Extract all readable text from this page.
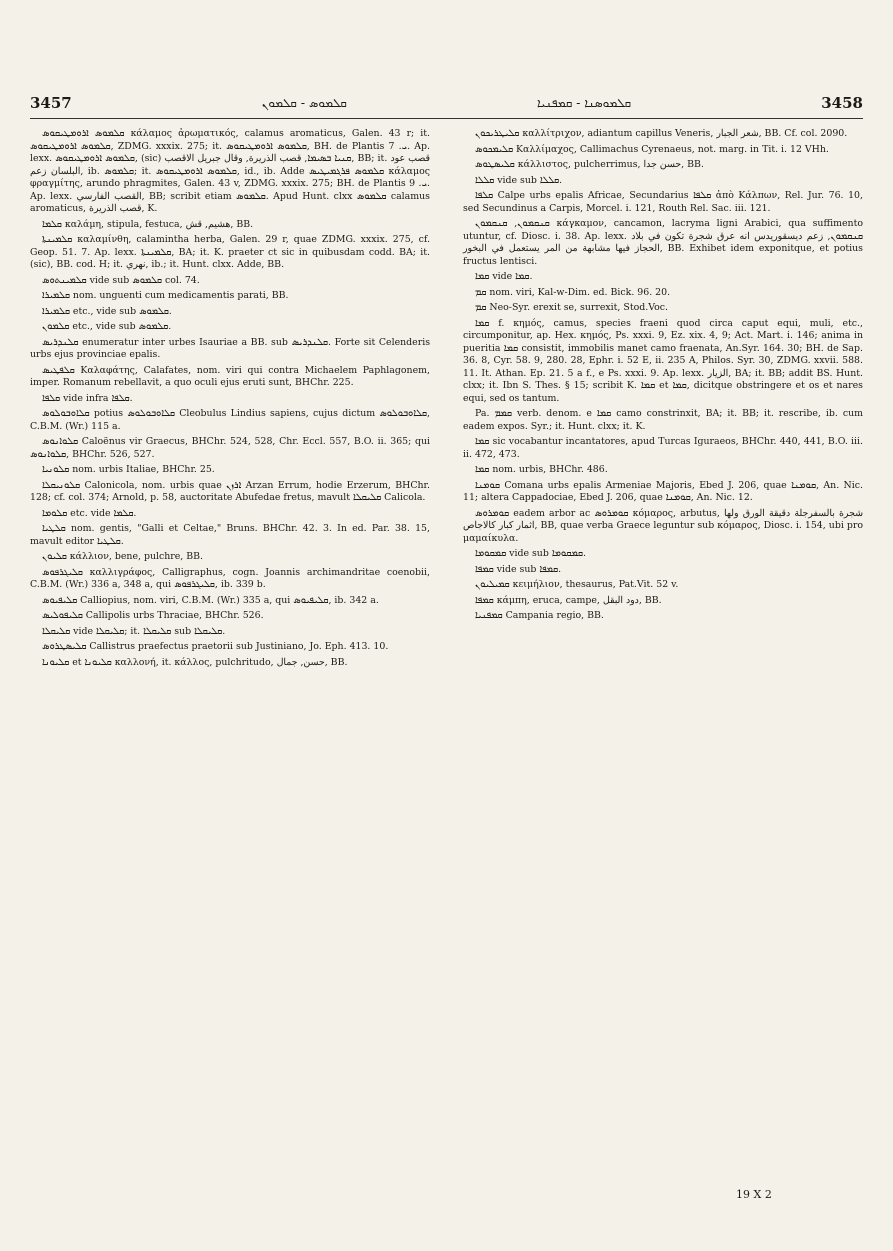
3457	ܩܠܡܘܣ - ܩܠܡܘܢ	ܩܠܡܘܣܢܐ - ܩܡܦܢܝܐ	3458

ܩܠܡܘܣ ܐܪܘܡܛܝܩܘܣ κάλαμος ἀρωματικός, calamus aromaticus, Galen. 43 r; it. ܩܠܡܘܣ ܐܪܘܡܛܝܩܘܣ, ZDMG. xxxix. 275; it. ܩܠܡܘܣ ܐܪܘܡܛܝܩܘܣ, BH. de Plantis ܝ. 7. Ap. lexx. ܩܠܡܘܣ ܐܪܘܡܛܝܩܘܣ, (sic) ܩܢܝܐ ܒܣܝܡܐ, قصب الذريرة, وقال جبريل الاقصب, BB; it. قصب عود البلسان زعم, ib. ܩܠܡܘܣ; it. ܩܠܡܘܣ ܐܪܘܡܛܝܩܘܣ, id., ib. Adde ܩܠܡܘܣ ܦܪܓܡܝܛܝܣ κάλαμος φραγμίτης, arundo phragmites, Galen. 43 v, ZDMG. xxxix. 275; BH. de Plantis ܝ. 9. Ap. lexx. القصب الفارسي, BB; scribit etiam ܩܠܡܘܣ. Apud Hunt. clxx ܩܠܡܘܣ calamus aromaticus, قصب الذريرة, K.

ܩܠܡܐ καλάμη, stipula, festuca, هشيم, قش, BB.

ܩܠܡܝܢܬܐ καλαμίνθη, calamintha herba, Galen. 29 r, quae ZDMG. xxxix. 275, cf. Geop. 51. 7. Ap. lexx. ܩܠܡܝܢܬܐ, BA; it. K. praeter ct sic in quibusdam codd. BA; it. (sic), BB. cod. H; it. نهري, ib.; it. Hunt. clxx. Adde, BB.

ܩܠܡܝܢܬܘܣ vide sub ܩܠܡܘܣ col. 74.

ܩܠܡܝܪܐ nom. unguenti cum medicamentis parati, BB.

ܩܠܡܝܪܐ etc., vide sub ܩܠܡܘܣ.

ܩܠܡܘܢ etc., vide sub ܩܠܡܘܣ.

ܩܠܢܕܪܝܣ enumeratur inter urbes Isauriae a BB. sub ܩܠܢܕܪܝܣ. Forte sit Celenderis urbs ejus provinciae epalis.

ܩܠܦܛܝܣ Καλαφάτης, Calafates, nom. viri qui contra Michaelem Paphlagonem, imper. Romanum rebellavit, a quo oculi ejus eruti sunt, BHChr. 225.

ܩܠܦܐ vide infra ܩܠܦܐ.

ܩܠܐܘܒܘܠܘܣ potius ܩܠܐܘܒܘܠܘܣ Cleobulus Lindius sapiens, cujus dictum ܩܠܐܘܒܘܠܘܣ, C.B.M. (Wr.) 115 a.

ܩܠܘܐܢܘܣ Caloënus vir Graecus, BHChr. 524, 528, Chr. Eccl. 557, B.O. ii. 365; qui ܩܠܘܐܢܘܣ, BHChr. 526, 527.

ܩܠܘܢܝܐ nom. urbis Italiae, BHChr. 25.

ܩܠܘܢܝܩܠܐ Calonicola, nom. urbis quae ܐܪܙܢ Arzan Errum, hodie Erzerum, BHChr. 128; cf. col. 374; Arnold, p. 58, auctoritate Abufedae fretus, mavult ܩܠܝܩܠܐ Calicola.

ܩܠܘܡܐ etc. vide ܩܠܡܐ.

ܩܠܛܝܐ nom. gentis, "Galli et Celtae," Bruns. BHChr. 42. 3. In ed. Par. 38. 15, mavult editor ܩܠܛܝܐ.

ܩܠܝܘܢ κάλλιον, bene, pulchre, BB.

ܩܠܝܓܪܦܘܣ καλλιγράφος, Calligraphus, cogn. Joannis archimandritae coenobii, C.B.M. (Wr.) 336 a, 348 a, qui ܩܠܝܓܪܦܘܣ, ib. 339 b.

ܩܠܝܦܝܘܣ Calliopius, nom. viri, C.B.M. (Wr.) 335 a, qui ܩܠܝܦܝܘܣ, ib. 342 a.

ܩܠܝܦܘܠܝܣ Callipolis urbs Thraciae, BHChr. 526.

ܩܠܝܩܠܐ vide ܩܠܝܩܠܐ; it. ܩܠܝܩܠܐ sub ܩܠܝܩܠܐ.

ܩܠܝܣܛܪܘܣ Callistrus praefectus praetorii sub Justiniano, Jo. Eph. 413. 10.

ܩܠܝܘܢܐ et ܩܠܝܘܢܐ καλλονή, it. κάλλος, pulchritudo, حسن, جمال, BB.

ܩܠܝܛܪܝܟܘܢ καλλίτριχον, adiantum capillus Veneris, شعر الجبار, BB. Cf. col. 2090.

ܩܠܝܡܟܘܣ Καλλίμαχος, Callimachus Cyrenaeus, not. marg. in Tit. i. 12 VHh.

ܩܠܝܣܛܘܣ κάλλιστος, pulcherrimus, حسن جدا, BB.

ܩܠܠܐ vide sub ܩܠܠܐ.

ܩܠܦܐ Calpe urbs epalis Africae, Secundarius ܩܠܦܐ ἀπὸ Κάλπων, Rel. Jur. 76. 10, sed Secundinus a Carpis, Morcel. i. 121, Routh Rel. Sac. iii. 121.

ܩܢܩܡܘܢ, ܩܢܩܡܘܢ κάγκαμον, cancamon, lacryma ligni Arabici, qua suffimento utuntur, cf. Diosc. i. 38. Ap. lexx. ܩܢܩܡܘܢ, زعم ديسقوريدس انه عرق شجرة تكون في بلاد الحجاز فيها مشابهة من المر يستعمل في البخور, BB. Exhibet idem exponitque, et potius fructus lentisci.

ܩܡܐ vide ܩܡܐ.

ܩܡ nom. viri, Kal-w-Dim. ed. Bick. 96. 20.

ܩܡ Neo-Syr. erexit se, surrexit, Stod.Voc.

ܩܡܐ f. κημός, camus, species fraeni quod circa caput equi, muli, etc., circumponitur, ap. Hex. κημός, Ps. xxxi. 9, Ez. xix. 4, 9; Act. Mart. i. 146; anima in pueritia ܩܡܐ consistit, immobilis manet camo fraenata, An.Syr. 164. 30; BH. de Sap. 36. 8, Cyr. 58. 9, 280. 28, Ephr. i. 52 E, ii. 235 A, Philos. Syr. 30, ZDMG. xxvii. 588. 11. It. Athan. Ep. 21. 5 a f., e Ps. xxxi. 9. Ap. lexx. الزيار, BA; it. BB; addit BS. Hunt. clxx; it. Ibn S. Thes. § 15; scribit K. ܩܡܐ et ܩܡܐ, dicitque obstringere et os et nares equi, sed os tantum.

Pa. ܩܡܡ verb. denom. e ܩܡܐ camo constrinxit, BA; it. BB; it. rescribe, ib. cum eadem expos. Syr.; it. Hunt. clxx; it. K.

ܩܡܐ sic vocabantur incantatores, apud Turcas Iguraeos, BHChr. 440, 441, B.O. iii. ii. 472, 473.

ܩܡܐ nom. urbis, BHChr. 486.

ܩܘܡܢܐ Comana urbs epalis Armeniae Majoris, Ebed J. 206, quae ܩܘܡܢܐ, An. Nic. 11; altera Cappadociae, Ebed J. 206, quae ܩܘܡܢܐ, An. Nic. 12.

ܩܘܡܪܘܣ eadem arbor ac ܩܘܡܪܘܣ κόμαρος, arbutus, شجرة بالسفرجلة دقيقة الورق ولها اثمار كبار كالاجاص, BB, quae verba Graece leguntur sub κόμαρος, Diosc. i. 154, ubi pro μαμαίκυλα.

ܩܡܩܘܡܐ vide sub ܩܡܩܘܡܐ.

ܩܡܦܐ vide sub ܩܡܦܐ.

ܩܡܝܠܝܘܢ κειμήλιον, thesaurus, Pat.Vit. 52 v.

ܩܡܦܐ κάμπη, eruca, campe, دود البقل, BB.

ܩܡܦܢܝܐ Campania regio, BB.

19 X 2
